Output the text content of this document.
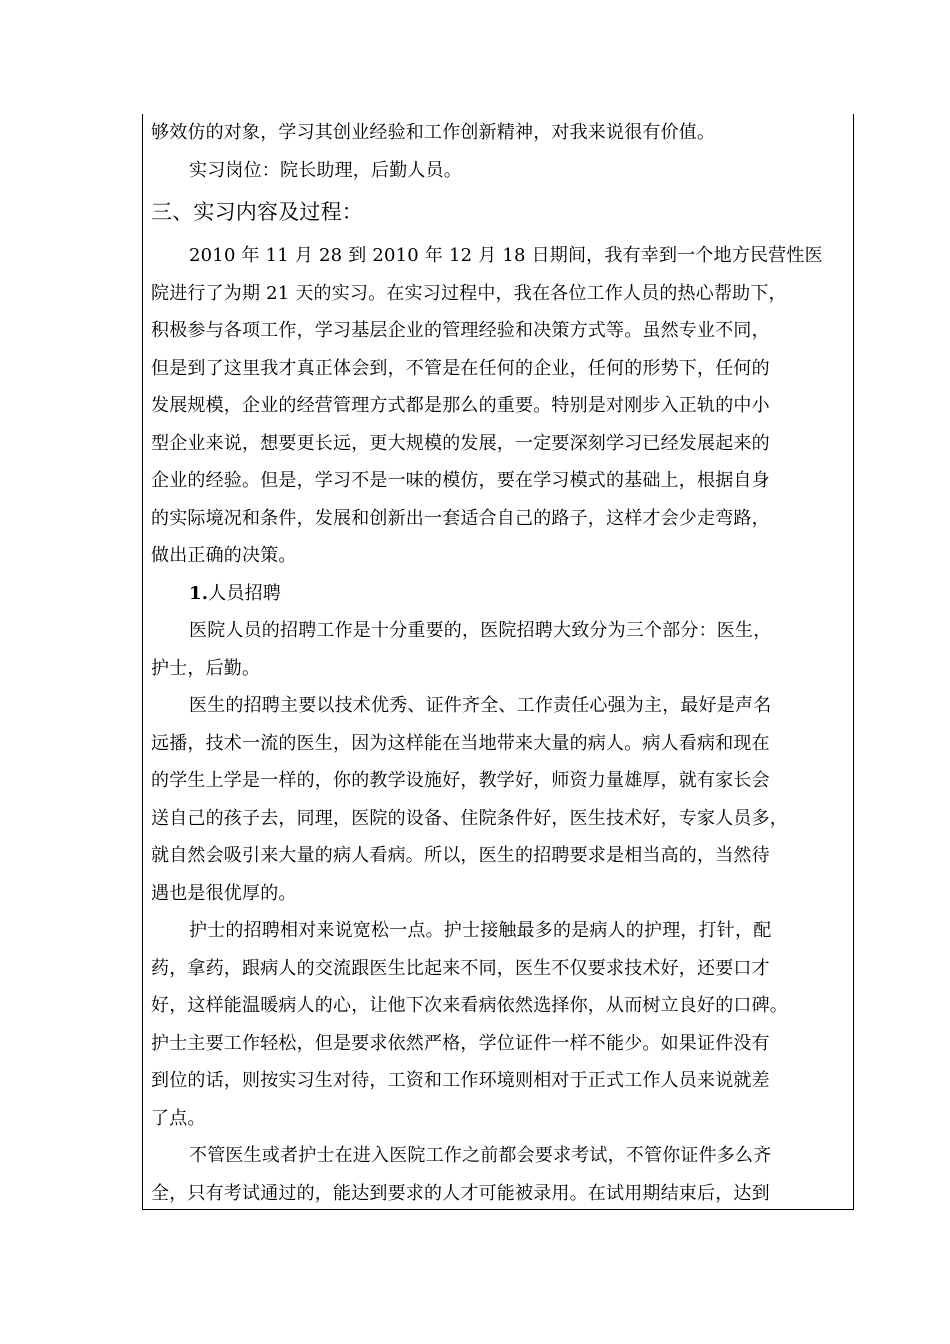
够效仿的对象，学习其创业经验和工作创新精神，对我来说很有价值。
实习岗位：院长助理，后勤人员。
三、实习内容及过程：
2010 年 11 月 28 到 2010 年 12 月 18 日期间，我有幸到一个地方民营性医
院进行了为期 21 天的实习。在实习过程中，我在各位工作人员的热心帮助下，
积极参与各项工作，学习基层企业的管理经验和决策方式等。虽然专业不同，
但是到了这里我才真正体会到，不管是在任何的企业，任何的形势下，任何的
发展规模，企业的经营管理方式都是那么的重要。特别是对刚步入正轨的中小
型企业来说，想要更长远，更大规模的发展，一定要深刻学习已经发展起来的
企业的经验。但是，学习不是一味的模仿，要在学习模式的基础上，根据自身
的实际境况和条件，发展和创新出一套适合自己的路子，这样才会少走弯路，
做出正确的决策。
1.人员招聘
医院人员的招聘工作是十分重要的，医院招聘大致分为三个部分：医生，
护士，后勤。
医生的招聘主要以技术优秀、证件齐全、工作责任心强为主，最好是声名
远播，技术一流的医生，因为这样能在当地带来大量的病人。病人看病和现在
的学生上学是一样的，你的教学设施好，教学好，师资力量雄厚，就有家长会
送自己的孩子去，同理，医院的设备、住院条件好，医生技术好，专家人员多，
就自然会吸引来大量的病人看病。所以，医生的招聘要求是相当高的，当然待
遇也是很优厚的。
护士的招聘相对来说宽松一点。护士接触最多的是病人的护理，打针，配
药，拿药，跟病人的交流跟医生比起来不同，医生不仅要求技术好，还要口才
好，这样能温暖病人的心，让他下次来看病依然选择你，从而树立良好的口碑。
护士主要工作轻松，但是要求依然严格，学位证件一样不能少。如果证件没有
到位的话，则按实习生对待，工资和工作环境则相对于正式工作人员来说就差
了点。
不管医生或者护士在进入医院工作之前都会要求考试，不管你证件多么齐
全，只有考试通过的，能达到要求的人才可能被录用。在试用期结束后，达到
